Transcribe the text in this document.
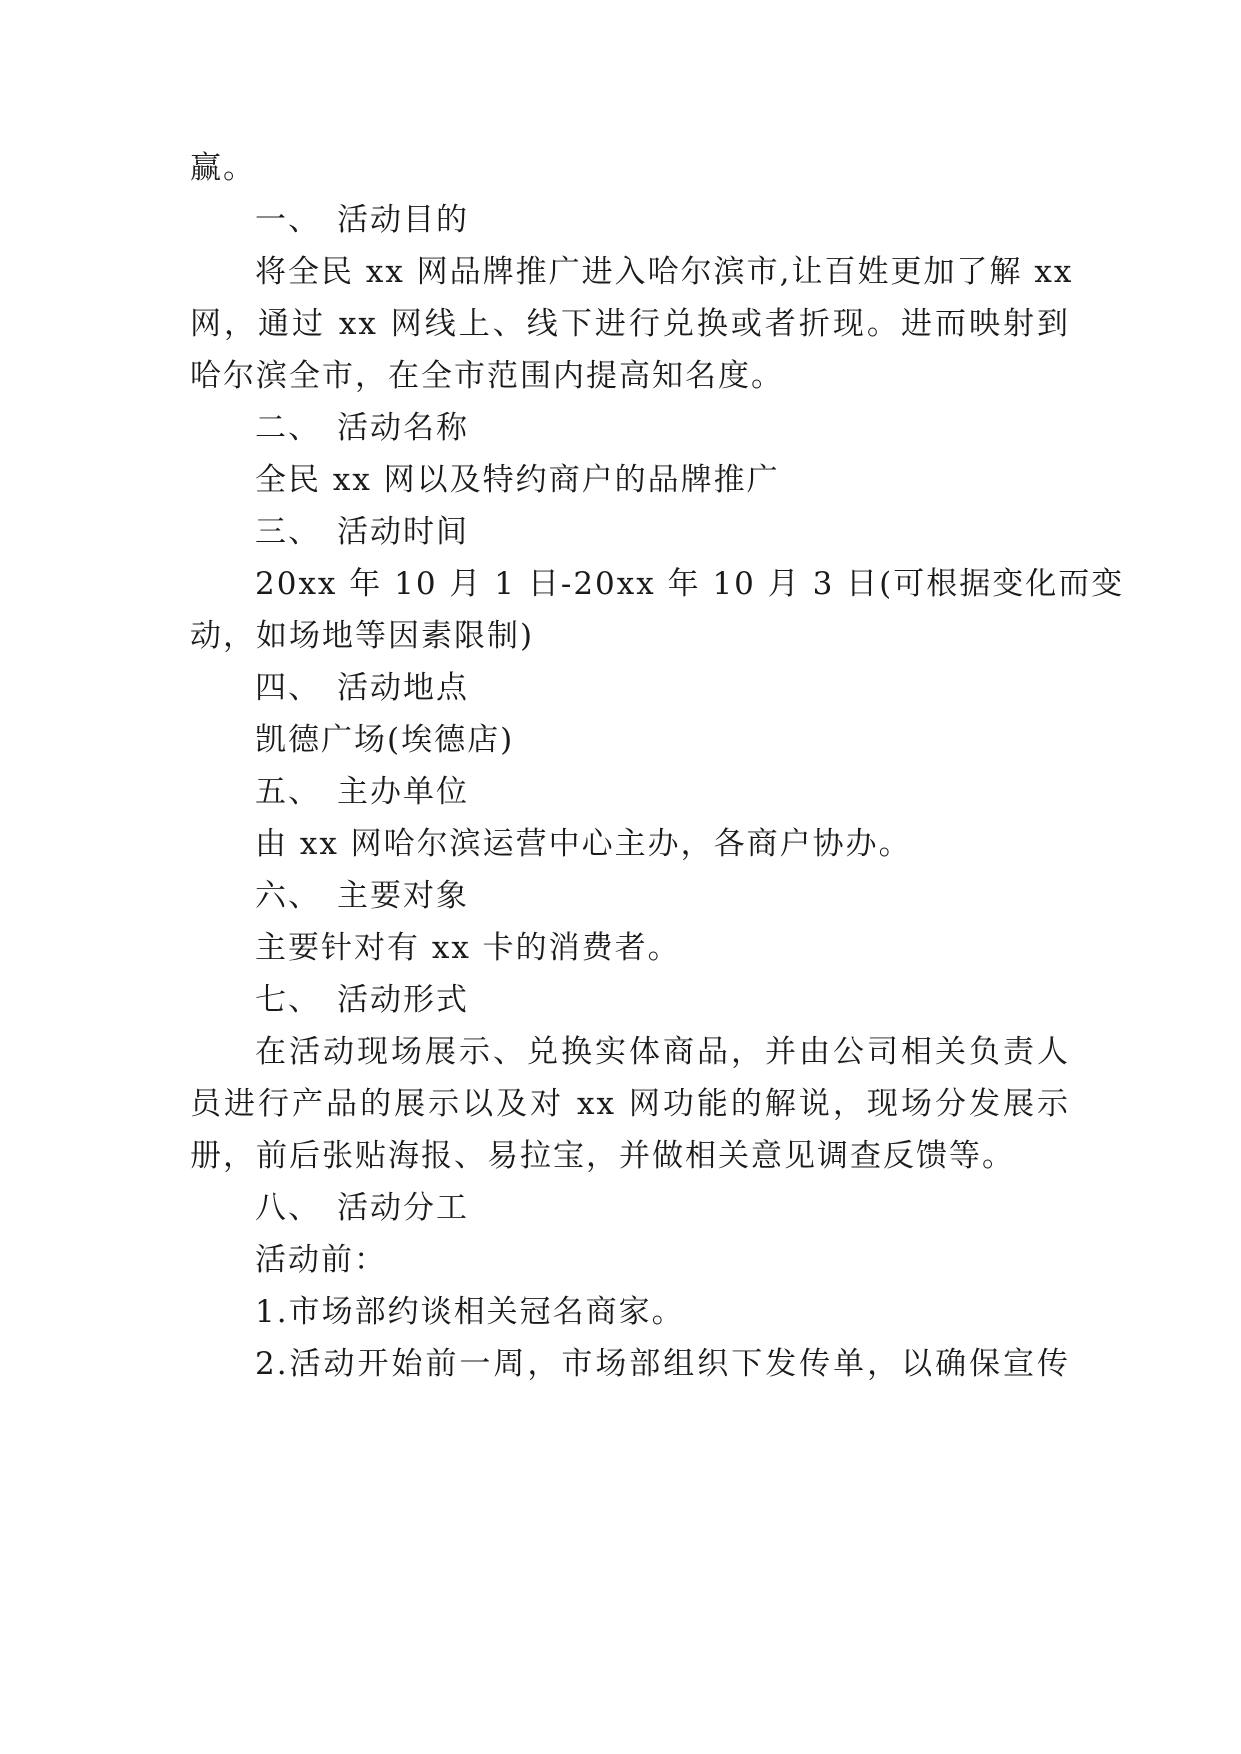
赢。
一、 活动目的
将全民 xx 网品牌推广进入哈尔滨市,让百姓更加了解 xx
网，通过 xx 网线上、线下进行兑换或者折现。进而映射到
哈尔滨全市，在全市范围内提高知名度。
二、 活动名称
全民 xx 网以及特约商户的品牌推广
三、 活动时间
20xx 年 10 月 1 日-20xx 年 10 月 3 日(可根据变化而变
动，如场地等因素限制)
四、 活动地点
凯德广场(埃德店)
五、 主办单位
由 xx 网哈尔滨运营中心主办，各商户协办。
六、 主要对象
主要针对有 xx 卡的消费者。
七、 活动形式
在活动现场展示、兑换实体商品，并由公司相关负责人
员进行产品的展示以及对 xx 网功能的解说，现场分发展示
册，前后张贴海报、易拉宝，并做相关意见调查反馈等。
八、 活动分工
活动前：
1.市场部约谈相关冠名商家。
2.活动开始前一周，市场部组织下发传单，以确保宣传
